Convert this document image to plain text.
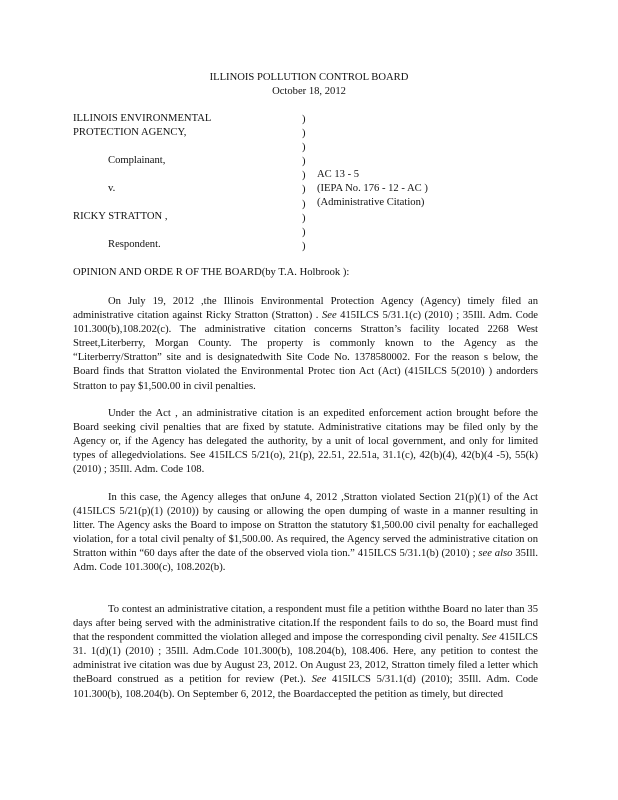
ILLINOIS POLLUTION CONTROL BOARD
October 18, 2012
ILLINOIS ENVIRONMENTAL
PROTECTION AGENCY,
Complainant,
v.
RICKY STRATTON ,
Respondent.
)
)
)
)
)
)
)
)
)
)
AC 13 - 5
(IEPA No. 176 - 12 - AC )
(Administrative Citation)
OPINION AND ORDE R OF THE BOARD(by T.A. Holbrook ):
On July 19, 2012 ,the Illinois Environmental Protection Agency (Agency) timely filed an administrative citation against Ricky Stratton (Stratton) . See 415ILCS 5/31.1(c) (2010) ; 35Ill. Adm. Code 101.300(b),108.202(c). The administrative citation concerns Stratton’s facility located 2268 West Street,Literberry, Morgan County. The property is commonly known to the Agency as the “Literberry/Stratton” site and is designatedwith Site Code No. 1378580002. For the reason s below, the Board finds that Stratton violated the Environmental Protec tion Act (Act) (415ILCS 5(2010) ) andorders Stratton to pay $1,500.00 in civil penalties.
Under the Act , an administrative citation is an expedited enforcement action brought before the Board seeking civil penalties that are fixed by statute. Administrative citations may be filed only by the Agency or, if the Agency has delegated the authority, by a unit of local government, and only for limited types of allegedviolations. See 415ILCS 5/21(o), 21(p), 22.51, 22.51a, 31.1(c), 42(b)(4), 42(b)(4 -5), 55(k) (2010) ; 35Ill. Adm. Code 108.
In this case, the Agency alleges that onJune 4, 2012 ,Stratton violated Section 21(p)(1) of the Act (415ILCS 5/21(p)(1) (2010)) by causing or allowing the open dumping of waste in a manner resulting in litter. The Agency asks the Board to impose on Stratton the statutory $1,500.00 civil penalty for eachalleged violation, for a total civil penalty of $1,500.00. As required, the Agency served the administrative citation on Stratton within “60 days after the date of the observed viola tion.” 415ILCS 5/31.1(b) (2010) ; see also 35Ill. Adm. Code 101.300(c), 108.202(b).
To contest an administrative citation, a respondent must file a petition withthe Board no later than 35 days after being served with the administrative citation.If the respondent fails to do so, the Board must find that the respondent committed the violation alleged and impose the corresponding civil penalty. See 415ILCS 31. 1(d)(1) (2010) ; 35Ill. Adm.Code 101.300(b), 108.204(b), 108.406. Here, any petition to contest the administrat ive citation was due by August 23, 2012. On August 23, 2012, Stratton timely filed a letter which theBoard construed as a petition for review (Pet.). See 415ILCS 5/31.1(d) (2010); 35Ill. Adm. Code 101.300(b), 108.204(b). On September 6, 2012, the Boardaccepted the petition as timely, but directed
